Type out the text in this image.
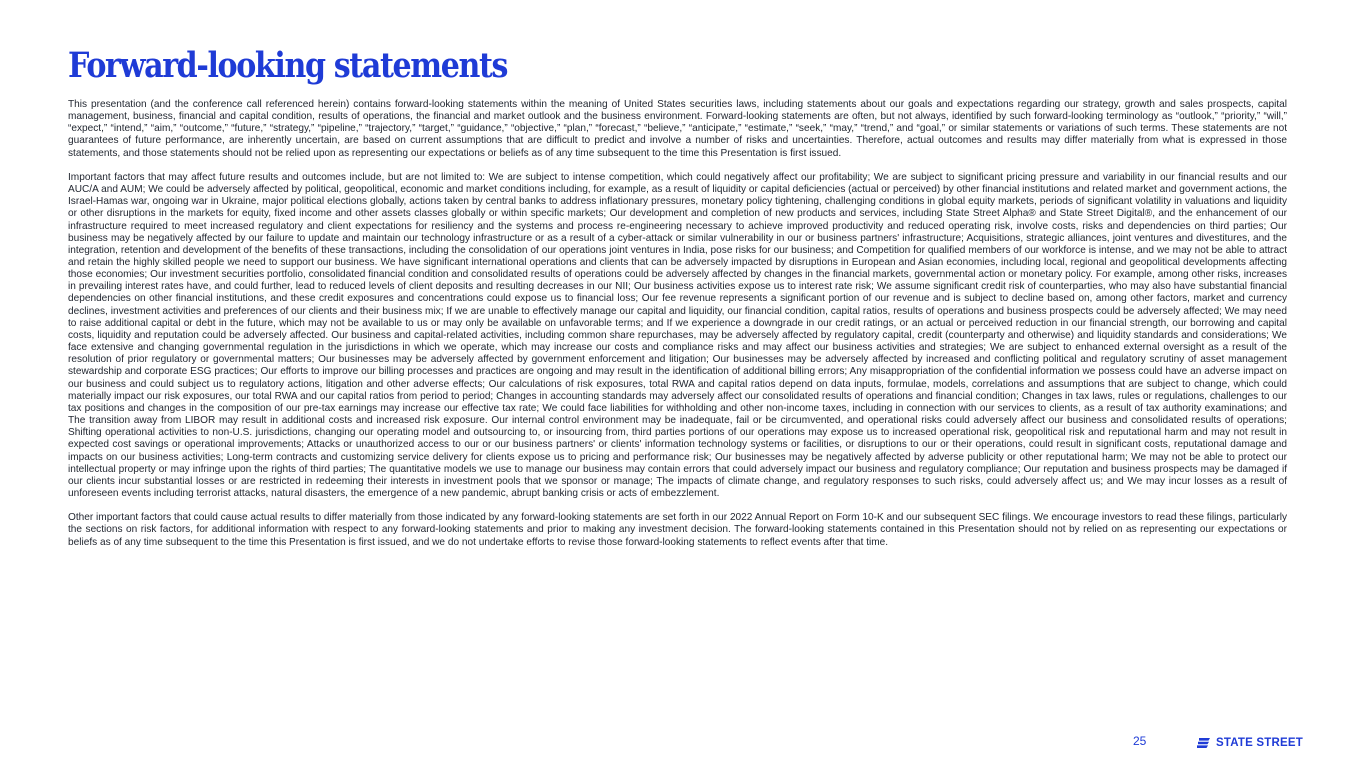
Forward-looking statements

This presentation (and the conference call referenced herein) contains forward-looking statements within the meaning of United States securities laws, including statements about our goals and expectations regarding our strategy, growth and sales prospects, capital management, business, financial and capital condition, results of operations, the financial and market outlook and the business environment. Forward-looking statements are often, but not always, identified by such forward-looking terminology as “outlook,” “priority,” “will,” “expect,” “intend,” “aim,” “outcome,” “future,” “strategy,” “pipeline,” “trajectory,” “target,” “guidance,” “objective,” “plan,” “forecast,” “believe,” “anticipate,” “estimate,” “seek,” “may,” “trend,” and “goal,” or similar statements or variations of such terms. These statements are not guarantees of future performance, are inherently uncertain, are based on current assumptions that are difficult to predict and involve a number of risks and uncertainties. Therefore, actual outcomes and results may differ materially from what is expressed in those statements, and those statements should not be relied upon as representing our expectations or beliefs as of any time subsequent to the time this Presentation is first issued.

Important factors that may affect future results and outcomes include, but are not limited to: We are subject to intense competition, which could negatively affect our profitability; We are subject to significant pricing pressure and variability in our financial results and our AUC/A and AUM; We could be adversely affected by political, geopolitical, economic and market conditions including, for example, as a result of liquidity or capital deficiencies (actual or perceived) by other financial institutions and related market and government actions, the Israel-Hamas war, ongoing war in Ukraine, major political elections globally, actions taken by central banks to address inflationary pressures, monetary policy tightening, challenging conditions in global equity markets, periods of significant volatility in valuations and liquidity or other disruptions in the markets for equity, fixed income and other assets classes globally or within specific markets; Our development and completion of new products and services, including State Street Alpha® and State Street Digital®, and the enhancement of our infrastructure required to meet increased regulatory and client expectations for resiliency and the systems and process re-engineering necessary to achieve improved productivity and reduced operating risk, involve costs, risks and dependencies on third parties; Our business may be negatively affected by our failure to update and maintain our technology infrastructure or as a result of a cyber-attack or similar vulnerability in our or business partners' infrastructure; Acquisitions, strategic alliances, joint ventures and divestitures, and the integration, retention and development of the benefits of these transactions, including the consolidation of our operations joint ventures in India, pose risks for our business; and Competition for qualified members of our workforce is intense, and we may not be able to attract and retain the highly skilled people we need to support our business. We have significant international operations and clients that can be adversely impacted by disruptions in European and Asian economies, including local, regional and geopolitical developments affecting those economies; Our investment securities portfolio, consolidated financial condition and consolidated results of operations could be adversely affected by changes in the financial markets, governmental action or monetary policy. For example, among other risks, increases in prevailing interest rates have, and could further, lead to reduced levels of client deposits and resulting decreases in our NII; Our business activities expose us to interest rate risk; We assume significant credit risk of counterparties, who may also have substantial financial dependencies on other financial institutions, and these credit exposures and concentrations could expose us to financial loss; Our fee revenue represents a significant portion of our revenue and is subject to decline based on, among other factors, market and currency declines, investment activities and preferences of our clients and their business mix; If we are unable to effectively manage our capital and liquidity, our financial condition, capital ratios, results of operations and business prospects could be adversely affected; We may need to raise additional capital or debt in the future, which may not be available to us or may only be available on unfavorable terms; and If we experience a downgrade in our credit ratings, or an actual or perceived reduction in our financial strength, our borrowing and capital costs, liquidity and reputation could be adversely affected. Our business and capital-related activities, including common share repurchases, may be adversely affected by regulatory capital, credit (counterparty and otherwise) and liquidity standards and considerations; We face extensive and changing governmental regulation in the jurisdictions in which we operate, which may increase our costs and compliance risks and may affect our business activities and strategies; We are subject to enhanced external oversight as a result of the resolution of prior regulatory or governmental matters; Our businesses may be adversely affected by government enforcement and litigation; Our businesses may be adversely affected by increased and conflicting political and regulatory scrutiny of asset management stewardship and corporate ESG practices; Our efforts to improve our billing processes and practices are ongoing and may result in the identification of additional billing errors; Any misappropriation of the confidential information we possess could have an adverse impact on our business and could subject us to regulatory actions, litigation and other adverse effects; Our calculations of risk exposures, total RWA and capital ratios depend on data inputs, formulae, models, correlations and assumptions that are subject to change, which could materially impact our risk exposures, our total RWA and our capital ratios from period to period; Changes in accounting standards may adversely affect our consolidated results of operations and financial condition; Changes in tax laws, rules or regulations, challenges to our tax positions and changes in the composition of our pre-tax earnings may increase our effective tax rate; We could face liabilities for withholding and other non-income taxes, including in connection with our services to clients, as a result of tax authority examinations; and The transition away from LIBOR may result in additional costs and increased risk exposure. Our internal control environment may be inadequate, fail or be circumvented, and operational risks could adversely affect our business and consolidated results of operations; Shifting operational activities to non-U.S. jurisdictions, changing our operating model and outsourcing to, or insourcing from, third parties portions of our operations may expose us to increased operational risk, geopolitical risk and reputational harm and may not result in expected cost savings or operational improvements; Attacks or unauthorized access to our or our business partners' or clients' information technology systems or facilities, or disruptions to our or their operations, could result in significant costs, reputational damage and impacts on our business activities; Long-term contracts and customizing service delivery for clients expose us to pricing and performance risk; Our businesses may be negatively affected by adverse publicity or other reputational harm; We may not be able to protect our intellectual property or may infringe upon the rights of third parties; The quantitative models we use to manage our business may contain errors that could adversely impact our business and regulatory compliance; Our reputation and business prospects may be damaged if our clients incur substantial losses or are restricted in redeeming their interests in investment pools that we sponsor or manage; The impacts of climate change, and regulatory responses to such risks, could adversely affect us; and We may incur losses as a result of unforeseen events including terrorist attacks, natural disasters, the emergence of a new pandemic, abrupt banking crisis or acts of embezzlement.

Other important factors that could cause actual results to differ materially from those indicated by any forward-looking statements are set forth in our 2022 Annual Report on Form 10-K and our subsequent SEC filings. We encourage investors to read these filings, particularly the sections on risk factors, for additional information with respect to any forward-looking statements and prior to making any investment decision. The forward-looking statements contained in this Presentation should not by relied on as representing our expectations or beliefs as of any time subsequent to the time this Presentation is first issued, and we do not undertake efforts to revise those forward-looking statements to reflect events after that time.

25	STATE STREET
